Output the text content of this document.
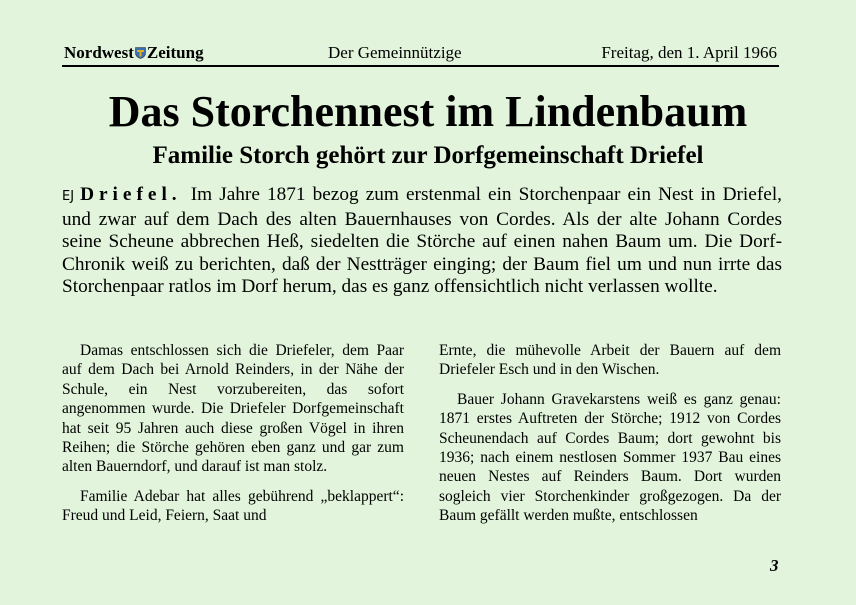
Nordwest Zeitung	Der Gemeinnützige	Freitag, den 1. April 1966
Das Storchennest im Lindenbaum
Familie Storch gehört zur Dorfgemeinschaft Driefel
EJ Driefel. Im Jahre 1871 bezog zum erstenmal ein Storchenpaar ein Nest in Driefel, und zwar auf dem Dach des alten Bauernhauses von Cordes. Als der alte Johann Cordes seine Scheune abbrechen Heß, siedelten die Störche auf einen nahen Baum um. Die Dorf-Chronik weiß zu berichten, daß der Nestträger einging; der Baum fiel um und nun irrte das Storchenpaar ratlos im Dorf herum, das es ganz offensichtlich nicht verlassen wollte.

Damas entschlossen sich die Driefeler, dem Paar auf dem Dach bei Arnold Reinders, in der Nähe der Schule, ein Nest vorzubereiten, das sofort angenommen wurde. Die Driefeler Dorfgemeinschaft hat seit 95 Jahren auch diese großen Vögel in ihren Reihen; die Störche gehören eben ganz und gar zum alten Bauerndorf, und darauf ist man stolz.

Familie Adebar hat alles gebührend „beklappert“: Freud und Leid, Feiern, Saat und

Ernte, die mühevolle Arbeit der Bauern auf dem Driefeler Esch und in den Wischen.

Bauer Johann Gravekarstens weiß es ganz genau: 1871 erstes Auftreten der Störche; 1912 von Cordes Scheunendach auf Cordes Baum; dort gewohnt bis 1936; nach einem nestlosen Sommer 1937 Bau eines neuen Nestes auf Reinders Baum. Dort wurden sogleich vier Storchenkinder großgezogen. Da der Baum gefällt werden mußte, entschlossen

3
